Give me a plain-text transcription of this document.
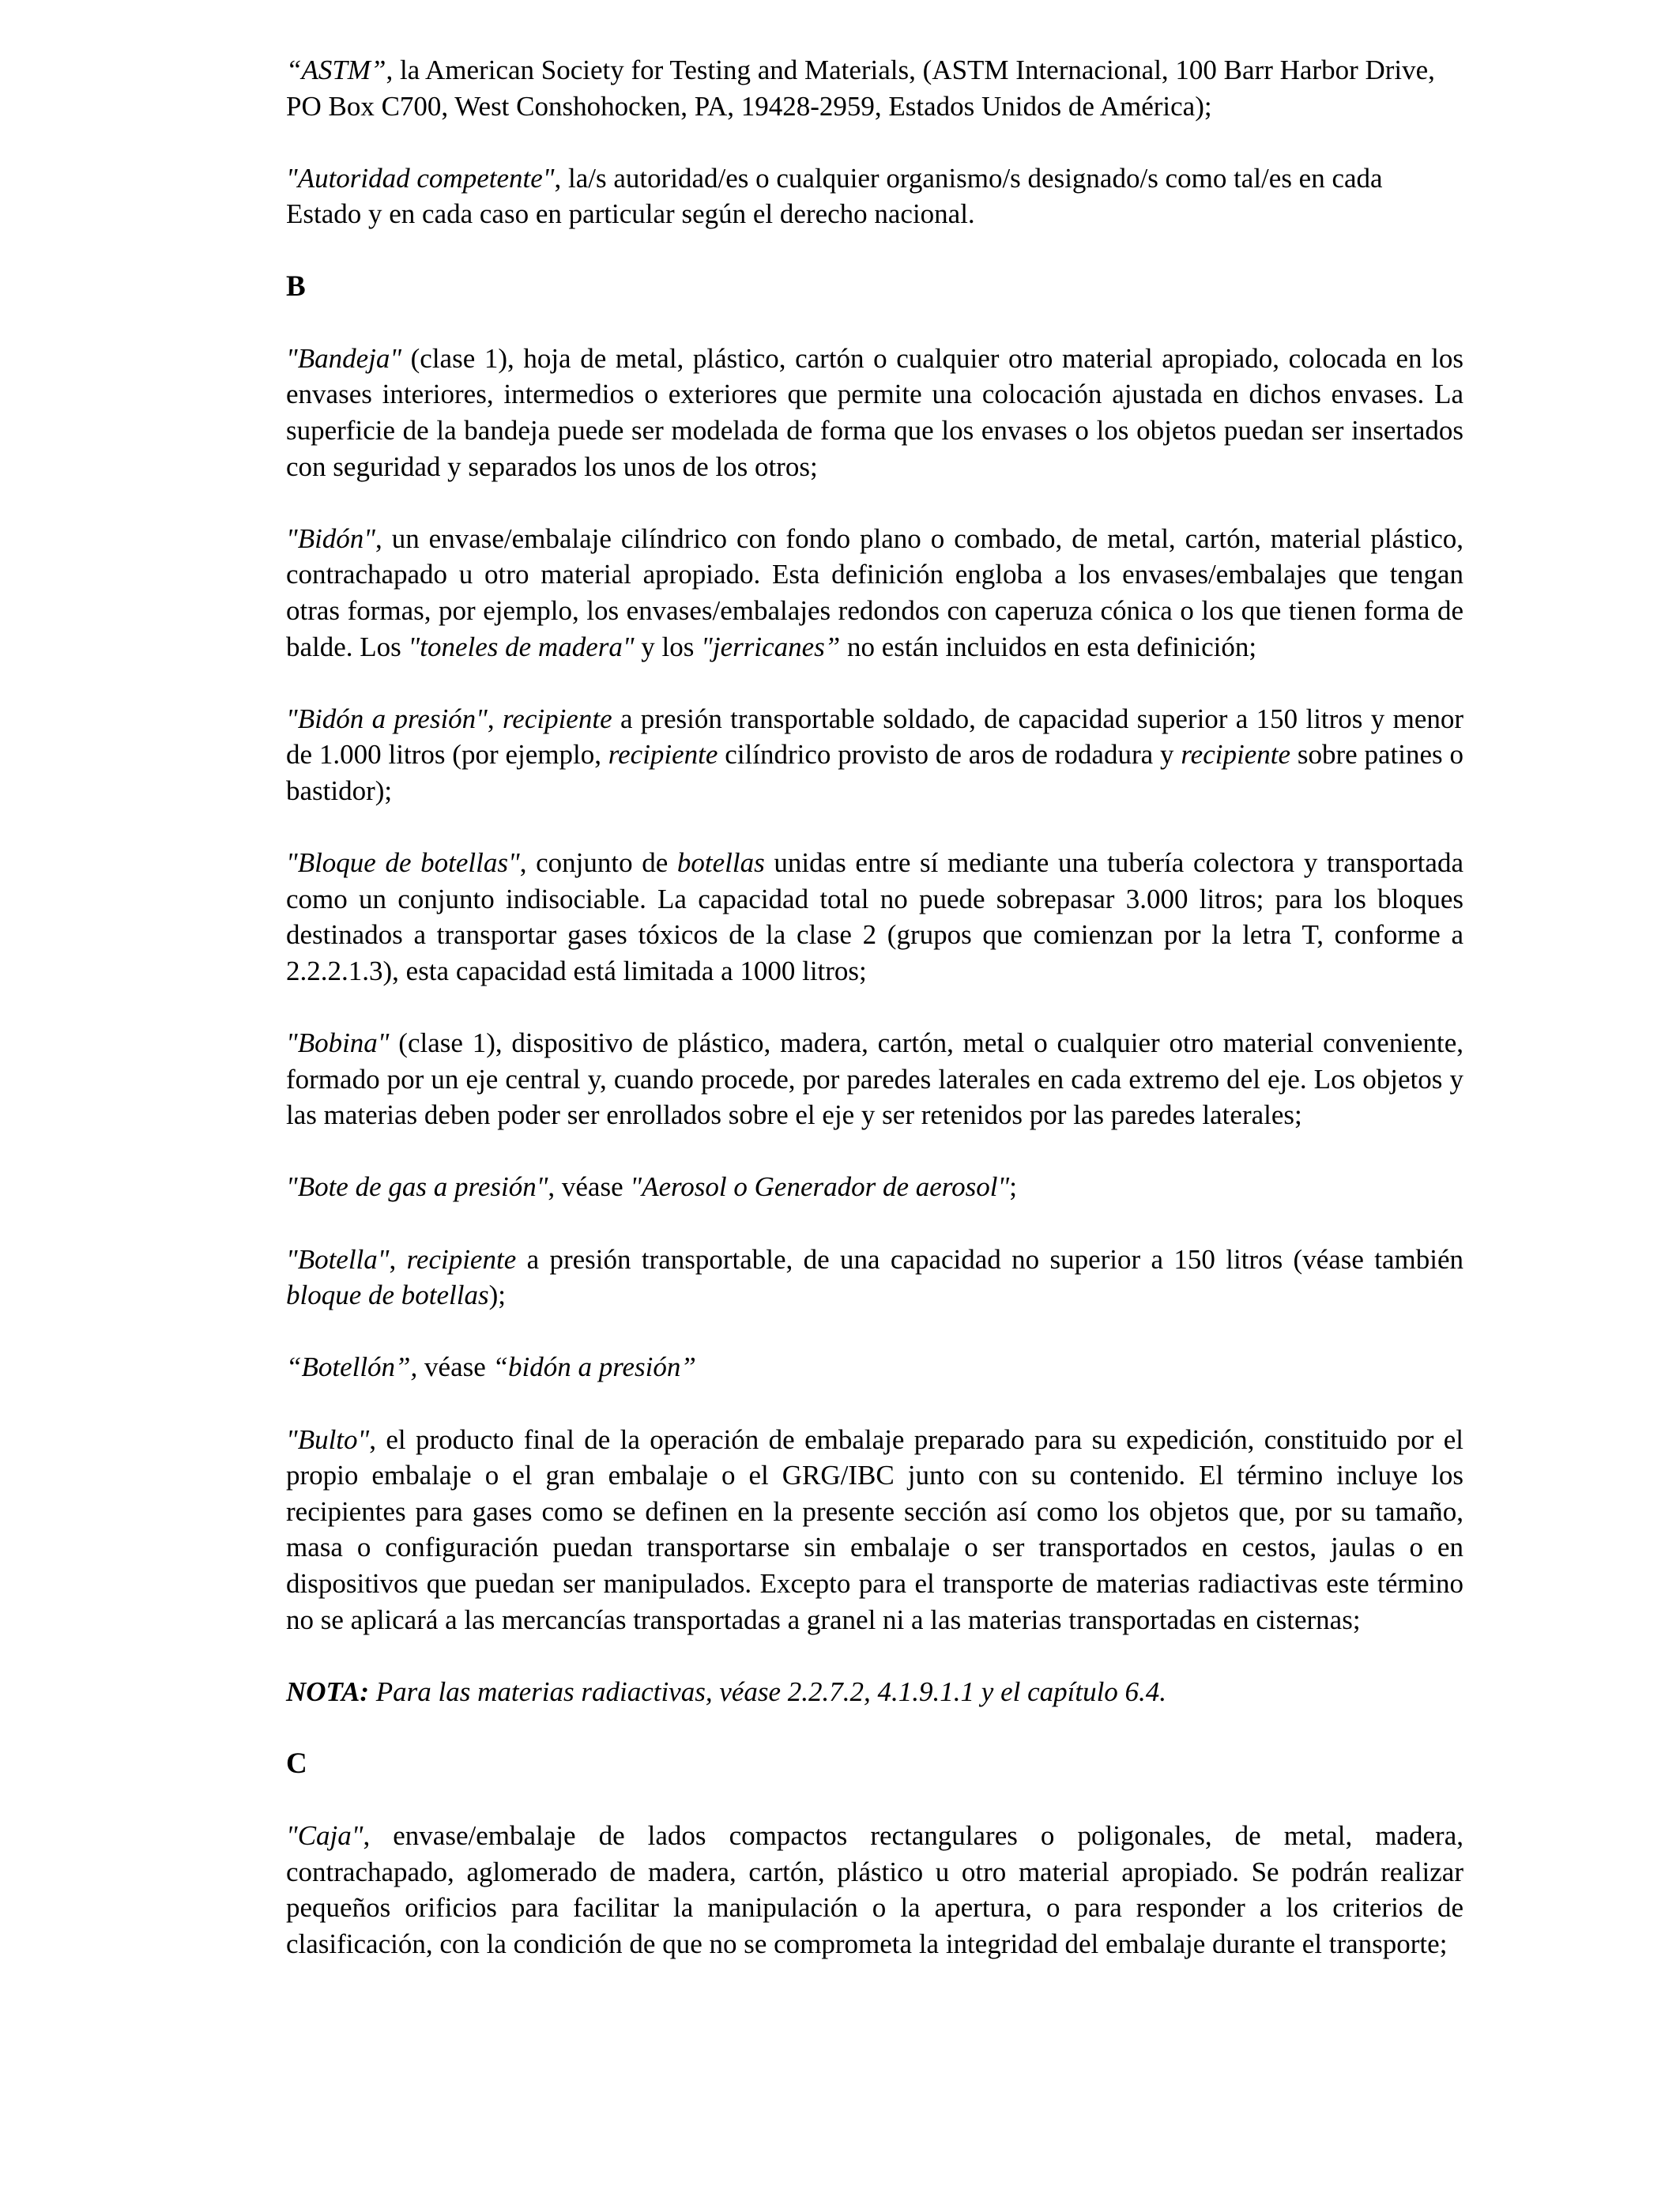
“ASTM”, la American Society for Testing and Materials, (ASTM Internacional, 100 Barr Harbor Drive, PO Box C700, West Conshohocken, PA, 19428-2959, Estados Unidos de América);

"Autoridad competente", la/s autoridad/es o cualquier organismo/s designado/s como tal/es en cada Estado y en cada caso en particular según el derecho nacional.

B

"Bandeja" (clase 1), hoja de metal, plástico, cartón o cualquier otro material apropiado, colocada en los envases interiores, intermedios o exteriores que permite una colocación ajustada en dichos envases. La superficie de la bandeja puede ser modelada de forma que los envases o los objetos puedan ser insertados con seguridad y separados los unos de los otros;

"Bidón", un envase/embalaje cilíndrico con fondo plano o combado, de metal, cartón, material plástico, contrachapado u otro material apropiado. Esta definición engloba a los envases/embalajes que tengan otras formas, por ejemplo, los envases/embalajes redondos con caperuza cónica o los que tienen forma de balde. Los "toneles de madera" y los "jerricanes” no están incluidos en esta definición;

"Bidón a presión", recipiente a presión transportable soldado, de capacidad superior a 150 litros y menor de 1.000 litros (por ejemplo, recipiente cilíndrico provisto de aros de rodadura y recipiente sobre patines o bastidor);

"Bloque de botellas", conjunto de botellas unidas entre sí mediante una tubería colectora y transportada como un conjunto indisociable. La capacidad total no puede sobrepasar 3.000 litros; para los bloques destinados a transportar gases tóxicos de la clase 2 (grupos que comienzan por la letra T, conforme a 2.2.2.1.3), esta capacidad está limitada a 1000 litros;

"Bobina" (clase 1), dispositivo de plástico, madera, cartón, metal o cualquier otro material conveniente, formado por un eje central y, cuando procede, por paredes laterales en cada extremo del eje. Los objetos y las materias deben poder ser enrollados sobre el eje y ser retenidos por las paredes laterales;

"Bote de gas a presión", véase "Aerosol o Generador de aerosol";

"Botella", recipiente a presión transportable, de una capacidad no superior a 150 litros (véase también bloque de botellas);

“Botellón”, véase “bidón a presión”

"Bulto", el producto final de la operación de embalaje preparado para su expedición, constituido por el propio embalaje o el gran embalaje o el GRG/IBC junto con su contenido. El término incluye los recipientes para gases como se definen en la presente sección así como los objetos que, por su tamaño, masa o configuración puedan transportarse sin embalaje o ser transportados en cestos, jaulas o en dispositivos que puedan ser manipulados. Excepto para el transporte de materias radiactivas este término no se aplicará a las mercancías transportadas a granel ni a las materias transportadas en cisternas;

NOTA: Para las materias radiactivas, véase 2.2.7.2, 4.1.9.1.1 y el capítulo 6.4.

C

"Caja", envase/embalaje de lados compactos rectangulares o poligonales, de metal, madera, contrachapado, aglomerado de madera, cartón, plástico u otro material apropiado. Se podrán realizar pequeños orificios para facilitar la manipulación o la apertura, o para responder a los criterios de clasificación, con la condición de que no se comprometa la integridad del embalaje durante el transporte;
